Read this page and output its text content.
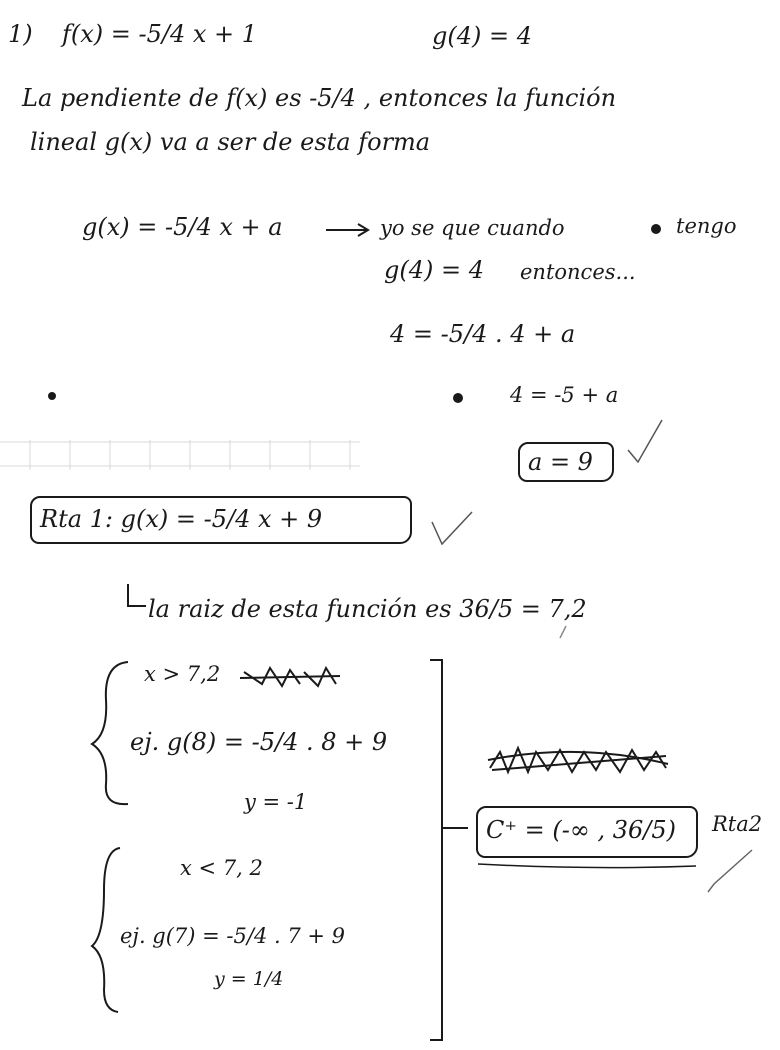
1) f(x) = -5/4 x + 1	g(4) = 4
La pendiente de f(x) es -5/4 , entonces la función
lineal g(x) va a ser de esta forma
g(x) = -5/4 x + a	yo se que cuando	tengo
g(4) = 4 entonces...
4 = -5/4 . 4 + a
4 = -5 + a
a = 9
Rta 1: g(x) = -5/4 x + 9
la raiz de esta función es 36/5 = 7,2
x > 7,2
ej. g(8) = -5/4 . 8 + 9
y = -1
x < 7, 2
ej. g(7) = -5/4 . 7 + 9
y = 1/4
C⁺ = (-∞ , 36/5) Rta2
